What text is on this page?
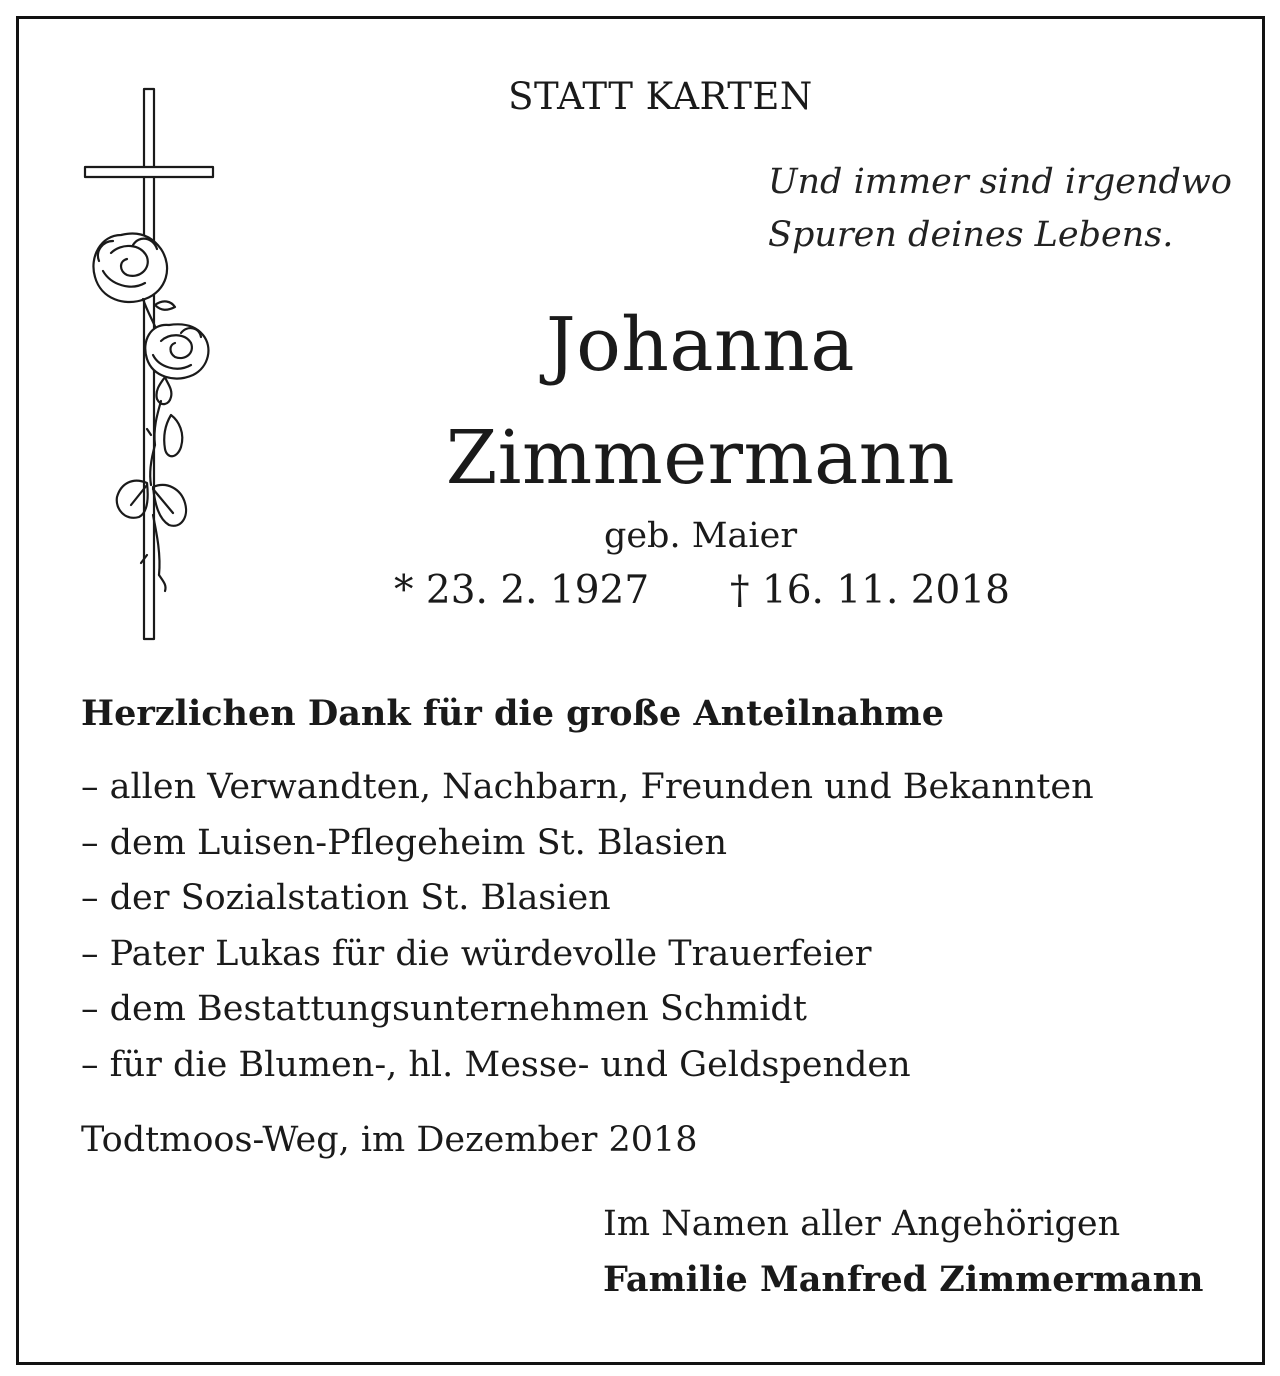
STATT KARTEN
Und immer sind irgendwo
Spuren deines Lebens.
Johanna
Zimmermann
geb. Maier
* 23. 2. 1927 † 16. 11. 2018
Herzlichen Dank für die große Anteilnahme
– allen Verwandten, Nachbarn, Freunden und Bekannten
– dem Luisen-Pflegeheim St. Blasien
– der Sozialstation St. Blasien
– Pater Lukas für die würdevolle Trauerfeier
– dem Bestattungsunternehmen Schmidt
– für die Blumen-, hl. Messe- und Geldspenden
Todtmoos-Weg, im Dezember 2018
Im Namen aller Angehörigen
Familie Manfred Zimmermann
